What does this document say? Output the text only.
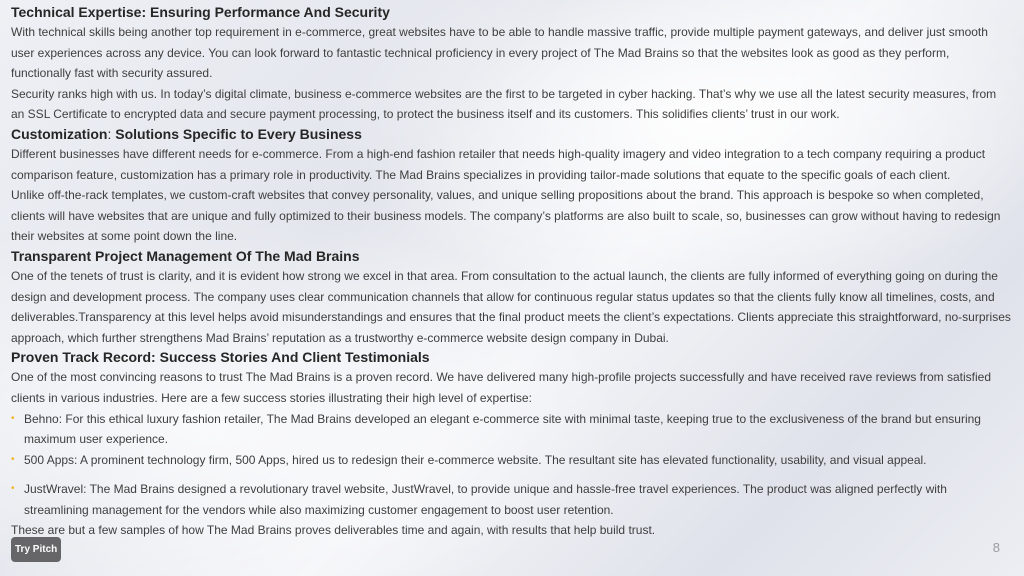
Technical Expertise: Ensuring Performance And Security

With technical skills being another top requirement in e-commerce, great websites have to be able to handle massive traffic, provide multiple payment gateways, and deliver just smooth user experiences across any device. You can look forward to fantastic technical proficiency in every project of The Mad Brains so that the websites look as good as they perform, functionally fast with security assured.

Security ranks high with us. In today’s digital climate, business e-commerce websites are the first to be targeted in cyber hacking. That’s why we use all the latest security measures, from an SSL Certificate to encrypted data and secure payment processing, to protect the business itself and its customers. This solidifies clients’ trust in our work.

Customization: Solutions Specific to Every Business

Different businesses have different needs for e-commerce. From a high-end fashion retailer that needs high-quality imagery and video integration to a tech company requiring a product comparison feature, customization has a primary role in productivity. The Mad Brains specializes in providing tailor-made solutions that equate to the specific goals of each client.

Unlike off-the-rack templates, we custom-craft websites that convey personality, values, and unique selling propositions about the brand. This approach is bespoke so when completed, clients will have websites that are unique and fully optimized to their business models. The company’s platforms are also built to scale, so, businesses can grow without having to redesign their websites at some point down the line.

Transparent Project Management Of The Mad Brains

One of the tenets of trust is clarity, and it is evident how strong we excel in that area. From consultation to the actual launch, the clients are fully informed of everything going on during the design and development process. The company uses clear communication channels that allow for continuous regular status updates so that the clients fully know all timelines, costs, and deliverables.Transparency at this level helps avoid misunderstandings and ensures that the final product meets the client’s expectations. Clients appreciate this straightforward, no-surprises approach, which further strengthens Mad Brains’ reputation as a trustworthy e-commerce website design company in Dubai.

Proven Track Record: Success Stories And Client Testimonials

One of the most convincing reasons to trust The Mad Brains is a proven record. We have delivered many high-profile projects successfully and have received rave reviews from satisfied clients in various industries. Here are a few success stories illustrating their high level of expertise:

• Behno: For this ethical luxury fashion retailer, The Mad Brains developed an elegant e-commerce site with minimal taste, keeping true to the exclusiveness of the brand but ensuring maximum user experience.
• 500 Apps: A prominent technology firm, 500 Apps, hired us to redesign their e-commerce website. The resultant site has elevated functionality, usability, and visual appeal.
• JustWravel: The Mad Brains designed a revolutionary travel website, JustWravel, to provide unique and hassle-free travel experiences. The product was aligned perfectly with streamlining management for the vendors while also maximizing customer engagement to boost user retention.

These are but a few samples of how The Mad Brains proves deliverables time and again, with results that help build trust.

8
Try Pitch
